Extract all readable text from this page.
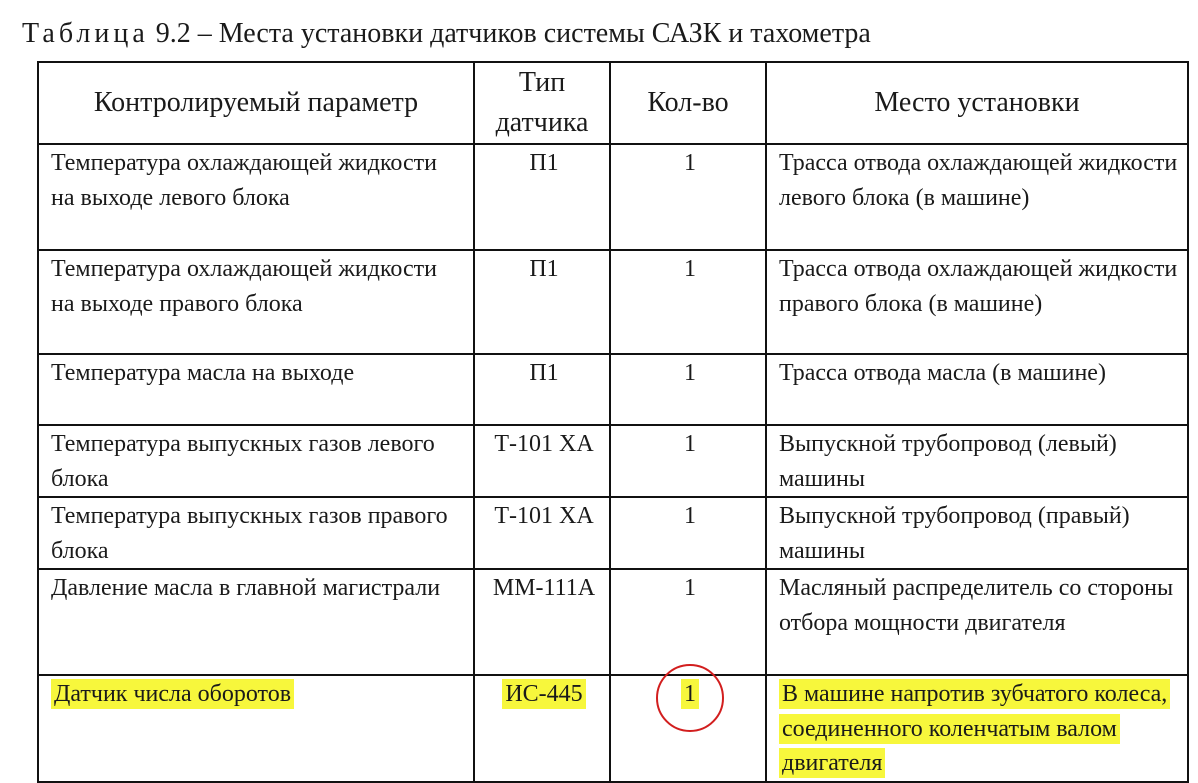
Таблица 9.2 – Места установки датчиков системы САЗК и тахометра
Контролируемый параметр	Тип датчика	Кол-во	Место установки
Температура охлаждающей жидкости на выходе левого блока	П1	1	Трасса отвода охлаждающей жидкости левого блока (в машине)
Температура охлаждающей жидкости на выходе правого блока	П1	1	Трасса отвода охлаждающей жидкости правого блока (в машине)
Температура масла на выходе	П1	1	Трасса отвода масла (в машине)
Температура выпускных газов левого блока	Т-101 ХА	1	Выпускной трубопровод (левый) машины
Температура выпускных газов правого блока	Т-101 ХА	1	Выпускной трубопровод (правый) машины
Давление масла в главной магистрали	ММ-111А	1	Масляный распределитель со стороны отбора мощности двигателя
Датчик числа оборотов	ИС-445	1	В машине напротив зубчатого колеса, соединенного коленчатым валом двигателя
